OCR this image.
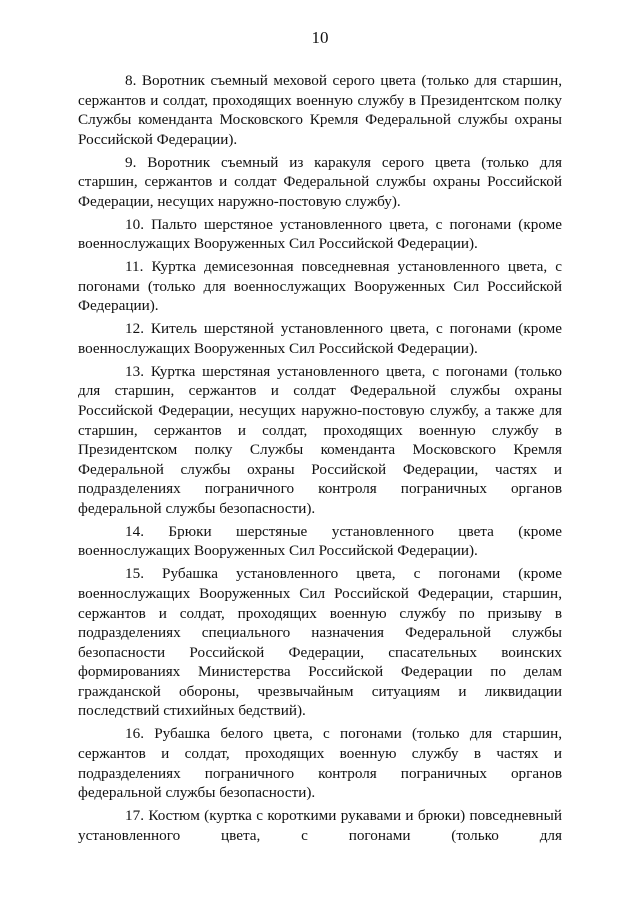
10

8. Воротник съемный меховой серого цвета (только для старшин, сержантов и солдат, проходящих военную службу в Президентском полку Службы коменданта Московского Кремля Федеральной службы охраны Российской Федерации).

9. Воротник съемный из каракуля серого цвета (только для старшин, сержантов и солдат Федеральной службы охраны Российской Федерации, несущих наружно-постовую службу).

10. Пальто шерстяное установленного цвета, с погонами (кроме военнослужащих Вооруженных Сил Российской Федерации).

11. Куртка демисезонная повседневная установленного цвета, с погонами (только для военнослужащих Вооруженных Сил Российской Федерации).

12. Китель шерстяной установленного цвета, с погонами (кроме военнослужащих Вооруженных Сил Российской Федерации).

13. Куртка шерстяная установленного цвета, с погонами (только для старшин, сержантов и солдат Федеральной службы охраны Российской Федерации, несущих наружно-постовую службу, а также для старшин, сержантов и солдат, проходящих военную службу в Президентском полку Службы коменданта Московского Кремля Федеральной службы охраны Российской Федерации, частях и подразделениях пограничного контроля пограничных органов федеральной службы безопасности).

14. Брюки шерстяные установленного цвета (кроме военнослужащих Вооруженных Сил Российской Федерации).

15. Рубашка установленного цвета, с погонами (кроме военнослужащих Вооруженных Сил Российской Федерации, старшин, сержантов и солдат, проходящих военную службу по призыву в подразделениях специального назначения Федеральной службы безопасности Российской Федерации, спасательных воинских формированиях Министерства Российской Федерации по делам гражданской обороны, чрезвычайным ситуациям и ликвидации последствий стихийных бедствий).

16. Рубашка белого цвета, с погонами (только для старшин, сержантов и солдат, проходящих военную службу в частях и подразделениях пограничного контроля пограничных органов федеральной службы безопасности).

17. Костюм (куртка с короткими рукавами и брюки) повседневный установленного цвета, с погонами (только для
